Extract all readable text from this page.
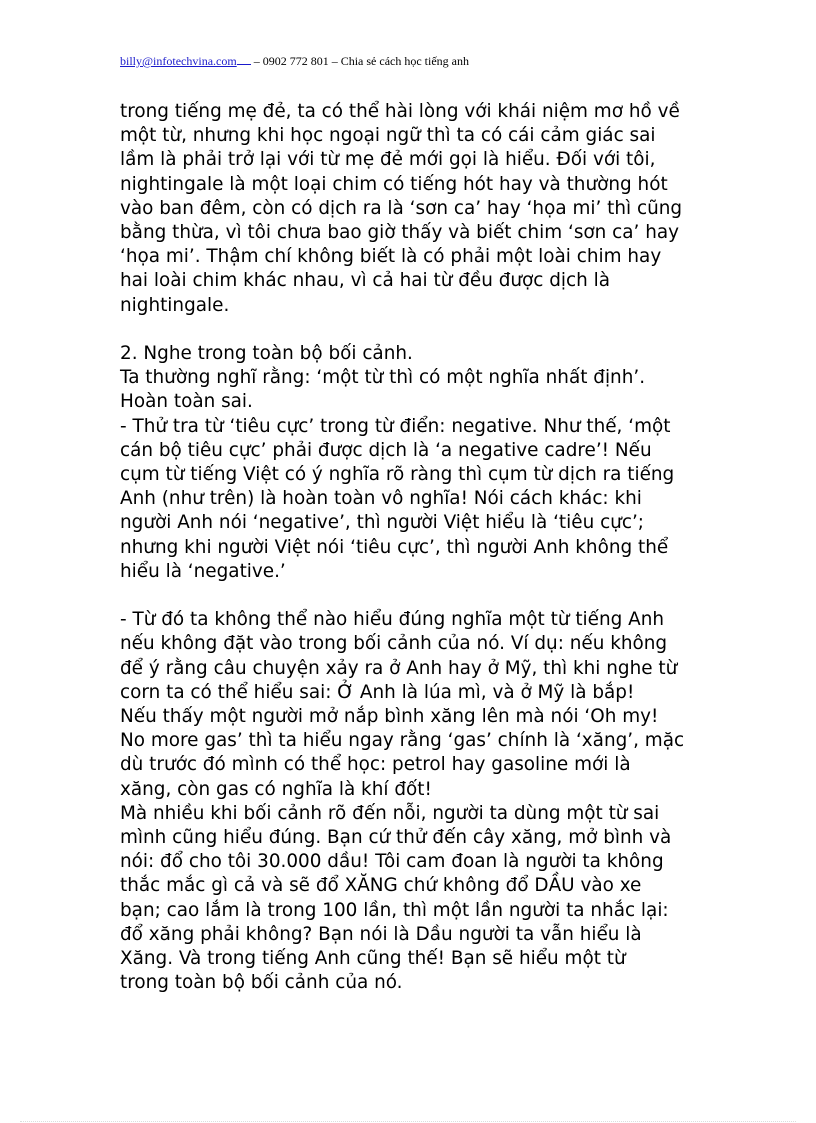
billy@infotechvina.com – 0902 772 801 – Chia sẻ cách học tiếng anh
trong tiếng mẹ đẻ, ta có thể hài lòng với khái niệm mơ hồ về
một từ, nhưng khi học ngoại ngữ thì ta có cái cảm giác sai
lầm là phải trở lại với từ mẹ đẻ mới gọi là hiểu. Đối với tôi,
nightingale là một loại chim có tiếng hót hay và thường hót
vào ban đêm, còn có dịch ra là ‘sơn ca’ hay ‘họa mi’ thì cũng
bằng thừa, vì tôi chưa bao giờ thấy và biết chim ‘sơn ca’ hay
‘họa mi’. Thậm chí không biết là có phải một loài chim hay
hai loài chim khác nhau, vì cả hai từ đều được dịch là
nightingale.
2. Nghe trong toàn bộ bối cảnh.
Ta thường nghĩ rằng: ‘một từ thì có một nghĩa nhất định’.
Hoàn toàn sai.
- Thử tra từ ‘tiêu cực’ trong từ điển: negative. Như thế, ‘một
cán bộ tiêu cực’ phải được dịch là ‘a negative cadre’! Nếu
cụm từ tiếng Việt có ý nghĩa rõ ràng thì cụm từ dịch ra tiếng
Anh (như trên) là hoàn toàn vô nghĩa! Nói cách khác: khi
người Anh nói ‘negative’, thì người Việt hiểu là ‘tiêu cực’;
nhưng khi người Việt nói ‘tiêu cực’, thì người Anh không thể
hiểu là ‘negative.’
- Từ đó ta không thể nào hiểu đúng nghĩa một từ tiếng Anh
nếu không đặt vào trong bối cảnh của nó. Ví dụ: nếu không
để ý rằng câu chuyện xảy ra ở Anh hay ở Mỹ, thì khi nghe từ
corn ta có thể hiểu sai: Ở Anh là lúa mì, và ở Mỹ là bắp!
Nếu thấy một người mở nắp bình xăng lên mà nói ‘Oh my!
No more gas’ thì ta hiểu ngay rằng ‘gas’ chính là ‘xăng’, mặc
dù trước đó mình có thể học: petrol hay gasoline mới là
xăng, còn gas có nghĩa là khí đốt!
Mà nhiều khi bối cảnh rõ đến nỗi, người ta dùng một từ sai
mình cũng hiểu đúng. Bạn cứ thử đến cây xăng, mở bình và
nói: đổ cho tôi 30.000 dầu! Tôi cam đoan là người ta không
thắc mắc gì cả và sẽ đổ XĂNG chứ không đổ DẦU vào xe
bạn; cao lắm là trong 100 lần, thì một lần người ta nhắc lại:
đổ xăng phải không? Bạn nói là Dầu người ta vẫn hiểu là
Xăng. Và trong tiếng Anh cũng thế! Bạn sẽ hiểu một từ
trong toàn bộ bối cảnh của nó.
